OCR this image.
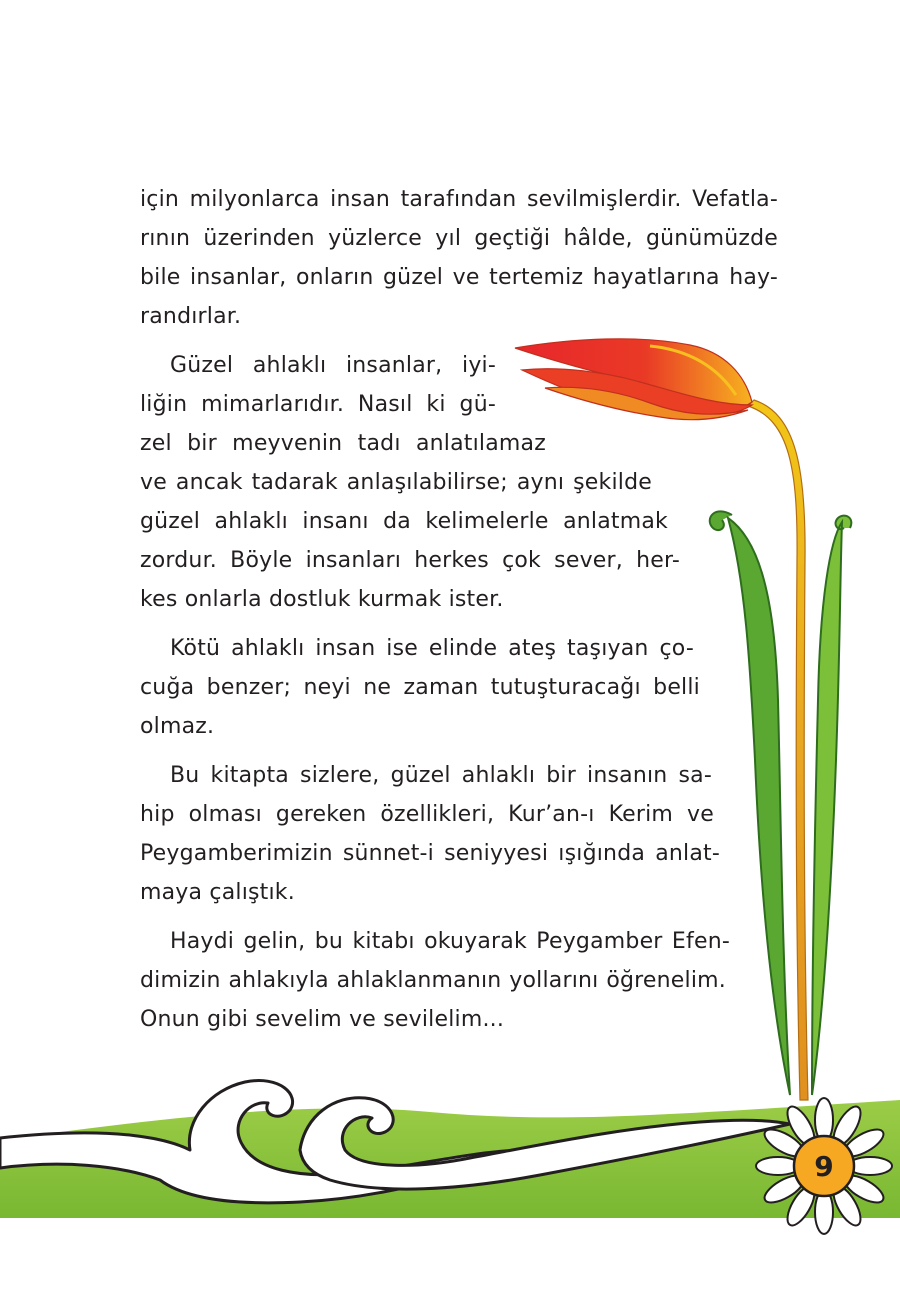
için milyonlarca insan tarafından sevilmişlerdir. Vefatla-

rının üzerinden yüzlerce yıl geçtiği hâlde, günümüzde

bile insanlar, onların güzel ve tertemiz hayatlarına hay-

randırlar.

Güzel ahlaklı insanlar, iyi-

liğin mimarlarıdır. Nasıl ki gü-

zel bir meyvenin tadı anlatılamaz

ve ancak tadarak anlaşılabilirse; aynı şekilde

güzel ahlaklı insanı da kelimelerle anlatmak

zordur. Böyle insanları herkes çok sever, her-

kes onlarla dostluk kurmak ister.

Kötü ahlaklı insan ise elinde ateş taşıyan ço-

cuğa benzer; neyi ne zaman tutuşturacağı belli

olmaz.

Bu kitapta sizlere, güzel ahlaklı bir insanın sa-

hip olması gereken özellikleri, Kur’an-ı Kerim ve

Peygamberimizin sünnet-i seniyyesi ışığında anlat-

maya çalıştık.

Haydi gelin, bu kitabı okuyarak Peygamber Efen-

dimizin ahlakıyla ahlaklanmanın yollarını öğrenelim.

Onun gibi sevelim ve sevilelim...

9
